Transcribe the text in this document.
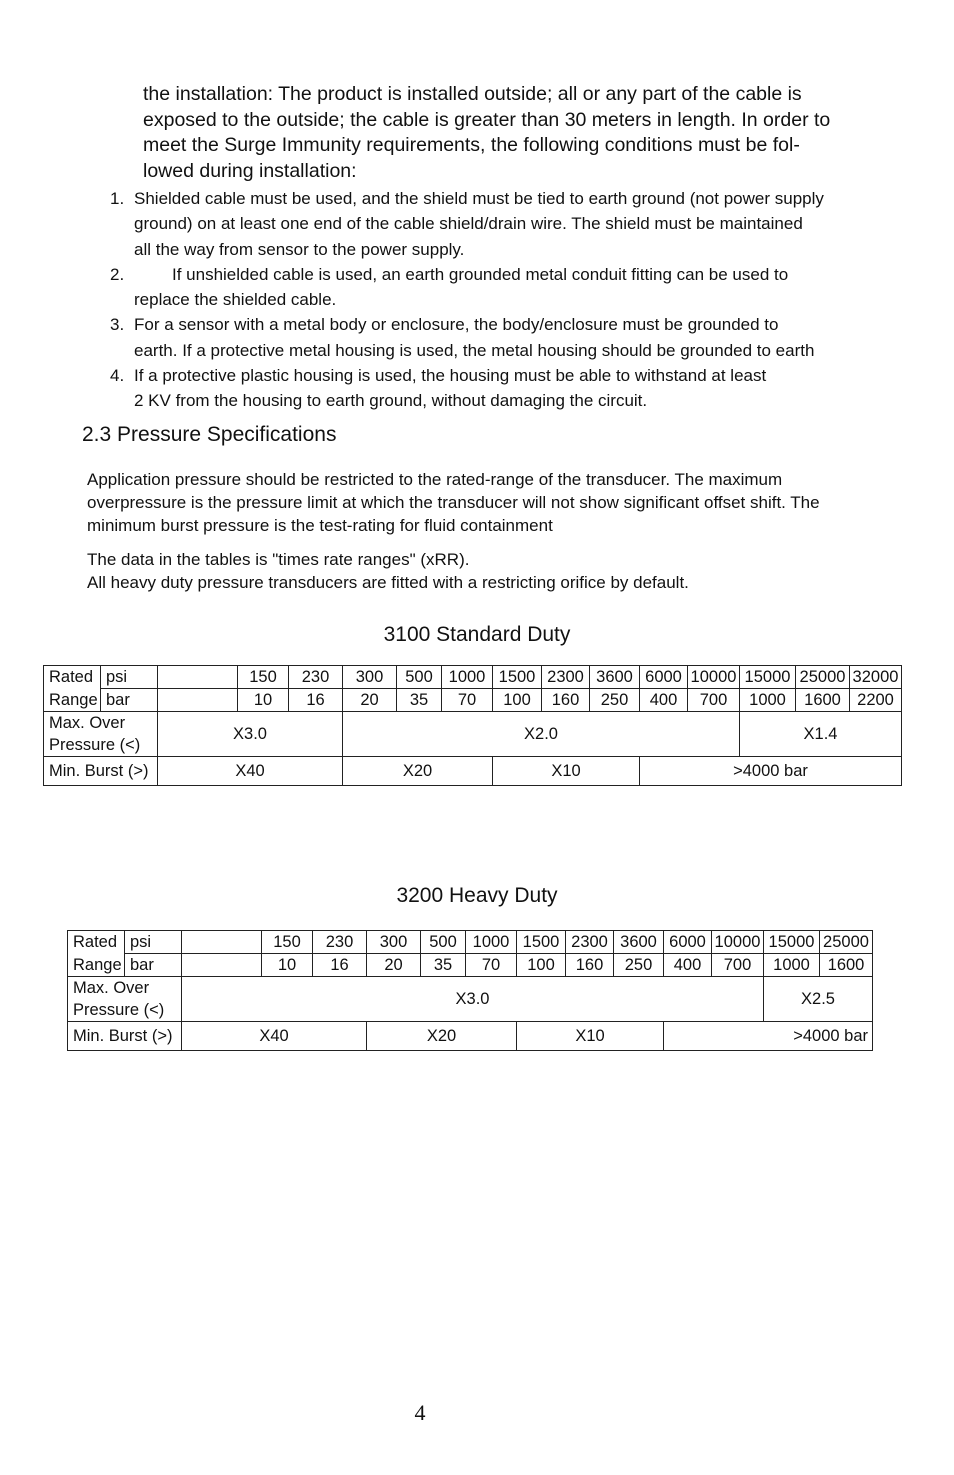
the installation: The product is installed outside; all or any part of the cable is

exposed to the outside; the cable is greater than 30 meters in length. In order to

meet the Surge Immunity requirements, the following conditions must be fol-

lowed during installation:

1. Shielded cable must be used, and the shield must be tied to earth ground (not power supply
ground) on at least one end of the cable shield/drain wire. The shield must be maintained
all the way from sensor to the power supply.
2.	If unshielded cable is used, an earth grounded metal conduit fitting can be used to
replace the shielded cable.
3. For a sensor with a metal body or enclosure, the body/enclosure must be grounded to
earth. If a protective metal housing is used, the metal housing should be grounded to earth
4. If a protective plastic housing is used, the housing must be able to withstand at least
2 KV from the housing to earth ground, without damaging the circuit.
2.3 Pressure Specifications

Application pressure should be restricted to the rated-range of the transducer. The maximum

overpressure is the pressure limit at which the transducer will not show significant offset shift. The

minimum burst pressure is the test-rating for fluid containment

The data in the tables is "times rate ranges" (xRR).

All heavy duty pressure transducers are fitted with a restricting orifice by default.

3100 Standard Duty
Rated	psi		150	230	300	500	1000	1500	2300	3600	6000	10000	15000	25000	32000
Range	bar		10	16	20	35	70	100	160	250	400	700	1000	1600	2200

Max. Over
Pressure (<)		X3.0			X2.0								X1.4		
Min. Burst (>)		X40			X20			X10			>4000 bar				
3200 Heavy Duty
Rated	psi		150	230	300	500	1000	1500	2300	3600	6000	10000	15000	25000
Range	bar		10	16	20	35	70	100	160	250	400	700	1000	1600

Max. Over
Pressure (<)		X3.0											X2.5	
Min. Burst (>)		X40			X20			X10			>4000 bar			
4
